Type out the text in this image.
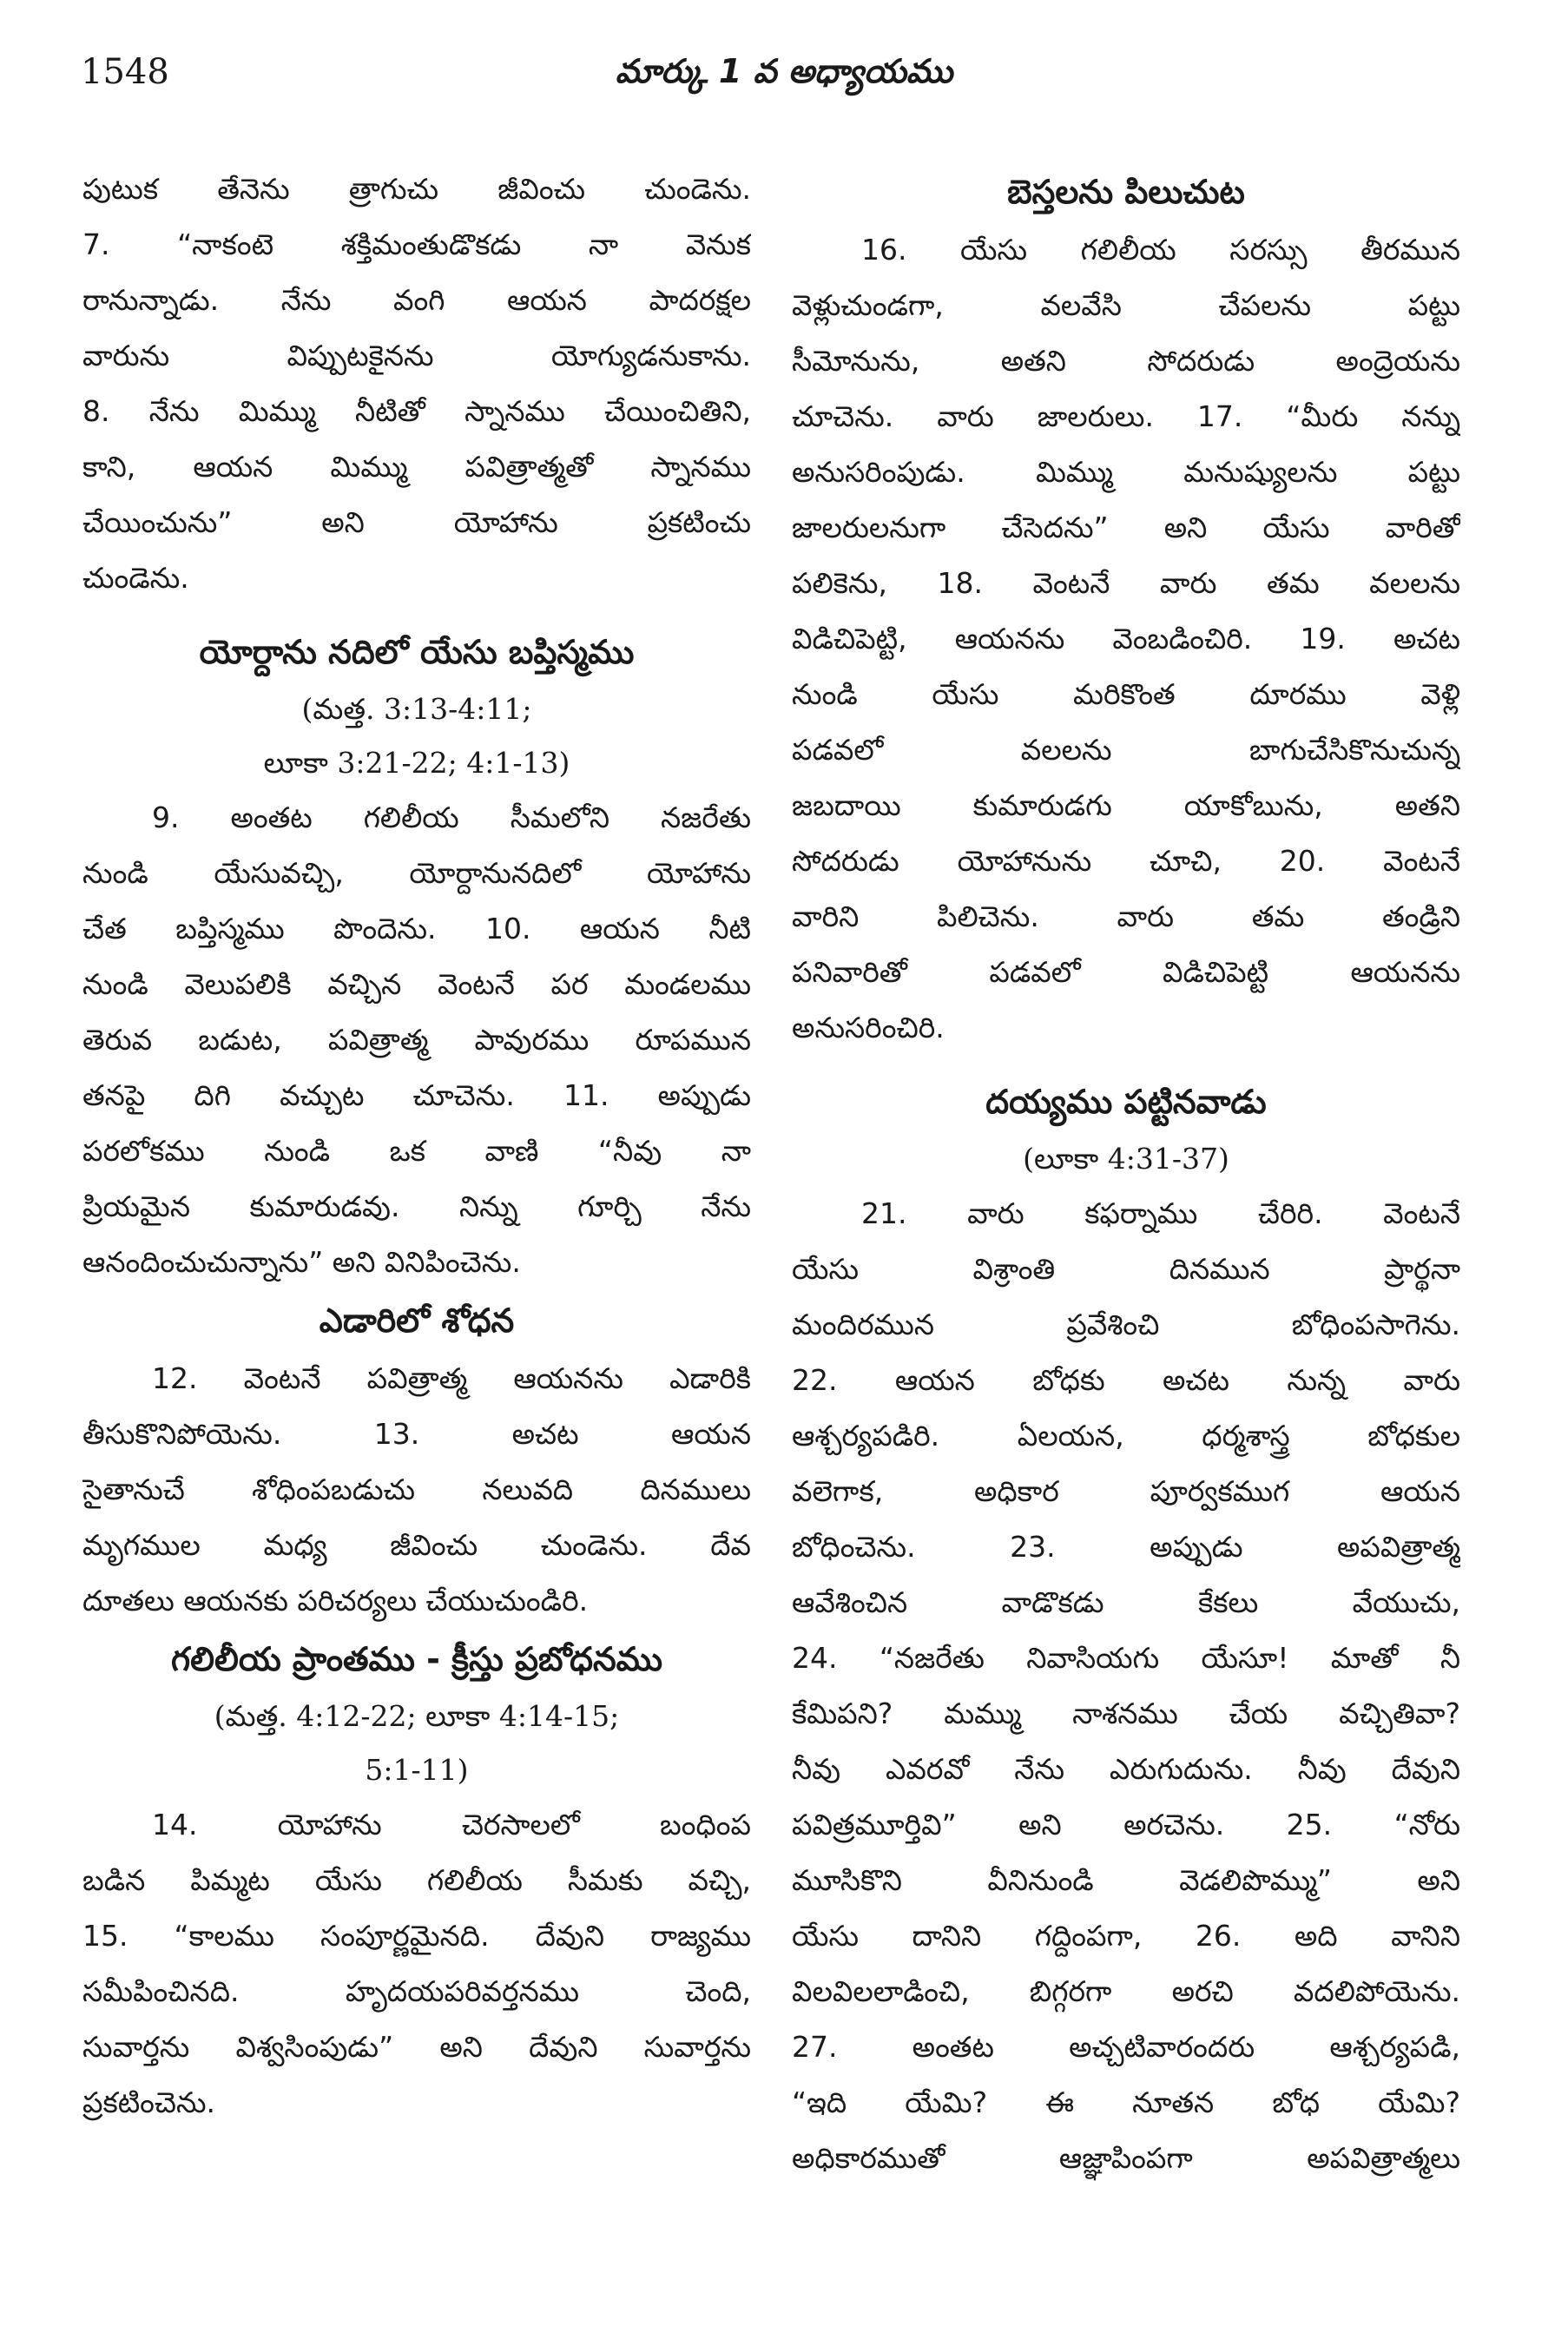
1548	మార్కు 1 వ అధ్యాయము
పుటుక తేనెను త్రాగుచు జీవించు చుండెను.
7. “నాకంటె శక్తిమంతుడొకడు నా వెనుక
రానున్నాడు. నేను వంగి ఆయన పాదరక్షల
వారును విప్పుటకైనను యోగ్యుడనుకాను.
8. నేను మిమ్ము నీటితో స్నానము చేయించితిని,
కాని, ఆయన మిమ్ము పవిత్రాత్మతో స్నానము
చేయించును” అని యోహాను ప్రకటించు
చుండెను.
యోర్దాను నదిలో యేసు బప్తిస్మము
(మత్త. 3:13-4:11;
లూకా 3:21-22; 4:1-13)
9. అంతట గలిలీయ సీమలోని నజరేతు
నుండి యేసువచ్చి, యోర్దానునదిలో యోహాను
చేత బప్తిస్మము పొందెను. 10. ఆయన నీటి
నుండి వెలుపలికి వచ్చిన వెంటనే పర మండలము
తెరువ బడుట, పవిత్రాత్మ పావురము రూపమున
తనపై దిగి వచ్చుట చూచెను. 11. అప్పుడు
పరలోకము నుండి ఒక వాణి “నీవు నా
ప్రియమైన కుమారుడవు. నిన్ను గూర్చి నేను
ఆనందించుచున్నాను” అని వినిపించెను.
ఎడారిలో శోధన
12. వెంటనే పవిత్రాత్మ ఆయనను ఎడారికి
తీసుకొనిపోయెను. 13. అచట ఆయన
సైతానుచే శోధింపబడుచు నలువది దినములు
మృగముల మధ్య జీవించు చుండెను. దేవ
దూతలు ఆయనకు పరిచర్యలు చేయుచుండిరి.
గలిలీయ ప్రాంతము - క్రీస్తు ప్రబోధనము
(మత్త. 4:12-22; లూకా 4:14-15;
5:1-11)
14. యోహాను చెరసాలలో బంధింప
బడిన పిమ్మట యేసు గలిలీయ సీమకు వచ్చి,
15. “కాలము సంపూర్ణమైనది. దేవుని రాజ్యము
సమీపించినది. హృదయపరివర్తనము చెంది,
సువార్తను విశ్వసింపుడు” అని దేవుని సువార్తను
ప్రకటించెను.
బెస్తలను పిలుచుట
16. యేసు గలిలీయ సరస్సు తీరమున
వెళ్లుచుండగా, వలవేసి చేపలను పట్టు
సీమోనును, అతని సోదరుడు అంద్రెయను
చూచెను. వారు జాలరులు. 17. “మీరు నన్ను
అనుసరింపుడు. మిమ్ము మనుష్యులను పట్టు
జాలరులనుగా చేసెదను” అని యేసు వారితో
పలికెను, 18. వెంటనే వారు తమ వలలను
విడిచిపెట్టి, ఆయనను వెంబడించిరి. 19. అచట
నుండి యేసు మరికొంత దూరము వెళ్లి
పడవలో వలలను బాగుచేసికొనుచున్న
జబదాయి కుమారుడగు యాకోబును, అతని
సోదరుడు యోహానును చూచి, 20. వెంటనే
వారిని పిలిచెను. వారు తమ తండ్రిని
పనివారితో పడవలో విడిచిపెట్టి ఆయనను
అనుసరించిరి.
దయ్యము పట్టినవాడు
(లూకా 4:31-37)
21. వారు కఫర్నాము చేరిరి. వెంటనే
యేసు విశ్రాంతి దినమున ప్రార్థనా
మందిరమున ప్రవేశించి బోధింపసాగెను.
22. ఆయన బోధకు అచట నున్న వారు
ఆశ్చర్యపడిరి. ఏలయన, ధర్మశాస్త్ర బోధకుల
వలెగాక, అధికార పూర్వకముగ ఆయన
బోధించెను. 23. అప్పుడు అపవిత్రాత్మ
ఆవేశించిన వాడొకడు కేకలు వేయుచు,
24. “నజరేతు నివాసియగు యేసూ! మాతో నీ
కేమిపని? మమ్ము నాశనము చేయ వచ్చితివా?
నీవు ఎవరవో నేను ఎరుగుదును. నీవు దేవుని
పవిత్రమూర్తివి” అని అరచెను. 25. “నోరు
మూసికొని వీనినుండి వెడలిపొమ్ము” అని
యేసు దానిని గద్దింపగా, 26. అది వానిని
విలవిలలాడించి, బిగ్గరగా అరచి వదలిపోయెను.
27. అంతట అచ్చటివారందరు ఆశ్చర్యపడి,
“ఇది యేమి? ఈ నూతన బోధ యేమి?
అధికారముతో ఆజ్ఞాపింపగా అపవిత్రాత్మలు
